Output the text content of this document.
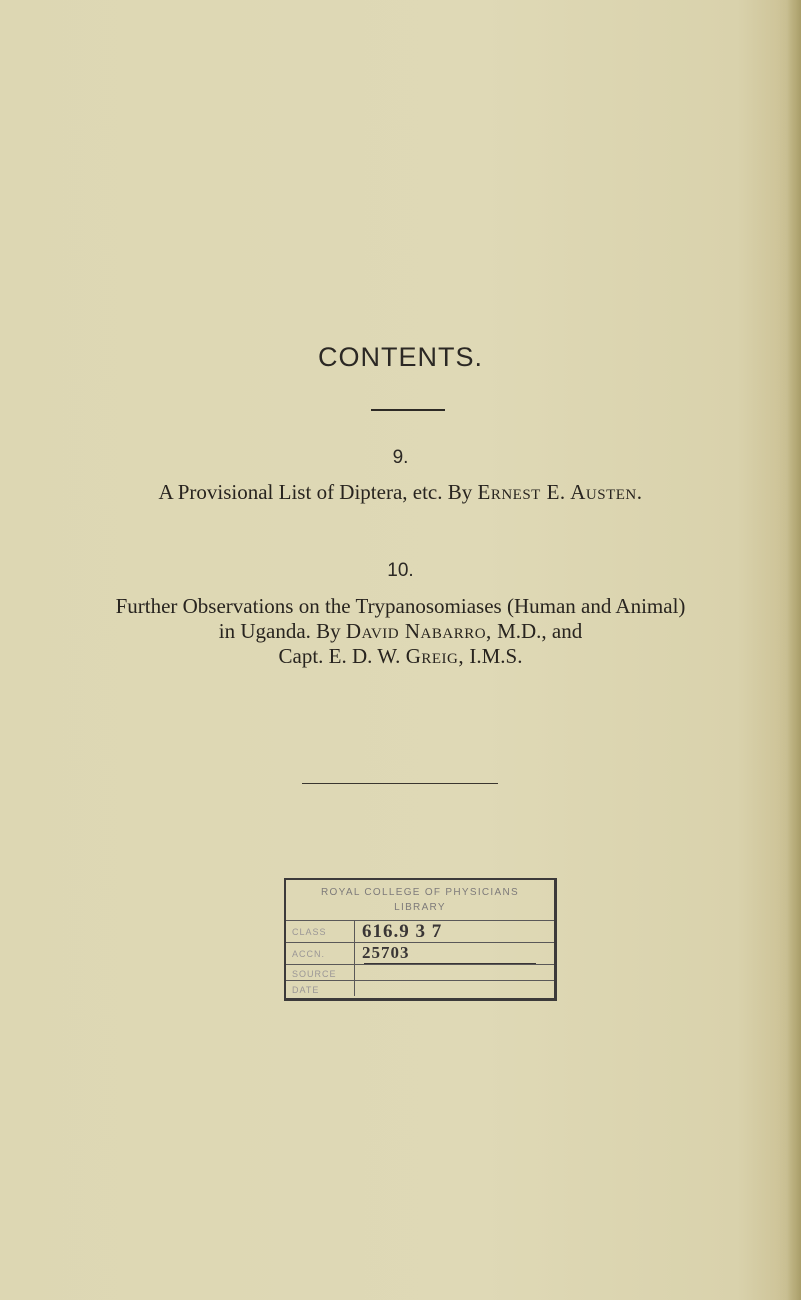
CONTENTS.
9.
A Provisional List of Diptera, etc. By Ernest E. Austen.
10.
Further Observations on the Trypanosomiases (Human and Animal)
in Uganda. By David Nabarro, M.D., and
Capt. E. D. W. Greig, I.M.S.
ROYAL COLLEGE OF PHYSICIANS
LIBRARY
CLASS 616.9 3 7
ACCN. 25703
SOURCE
DATE
